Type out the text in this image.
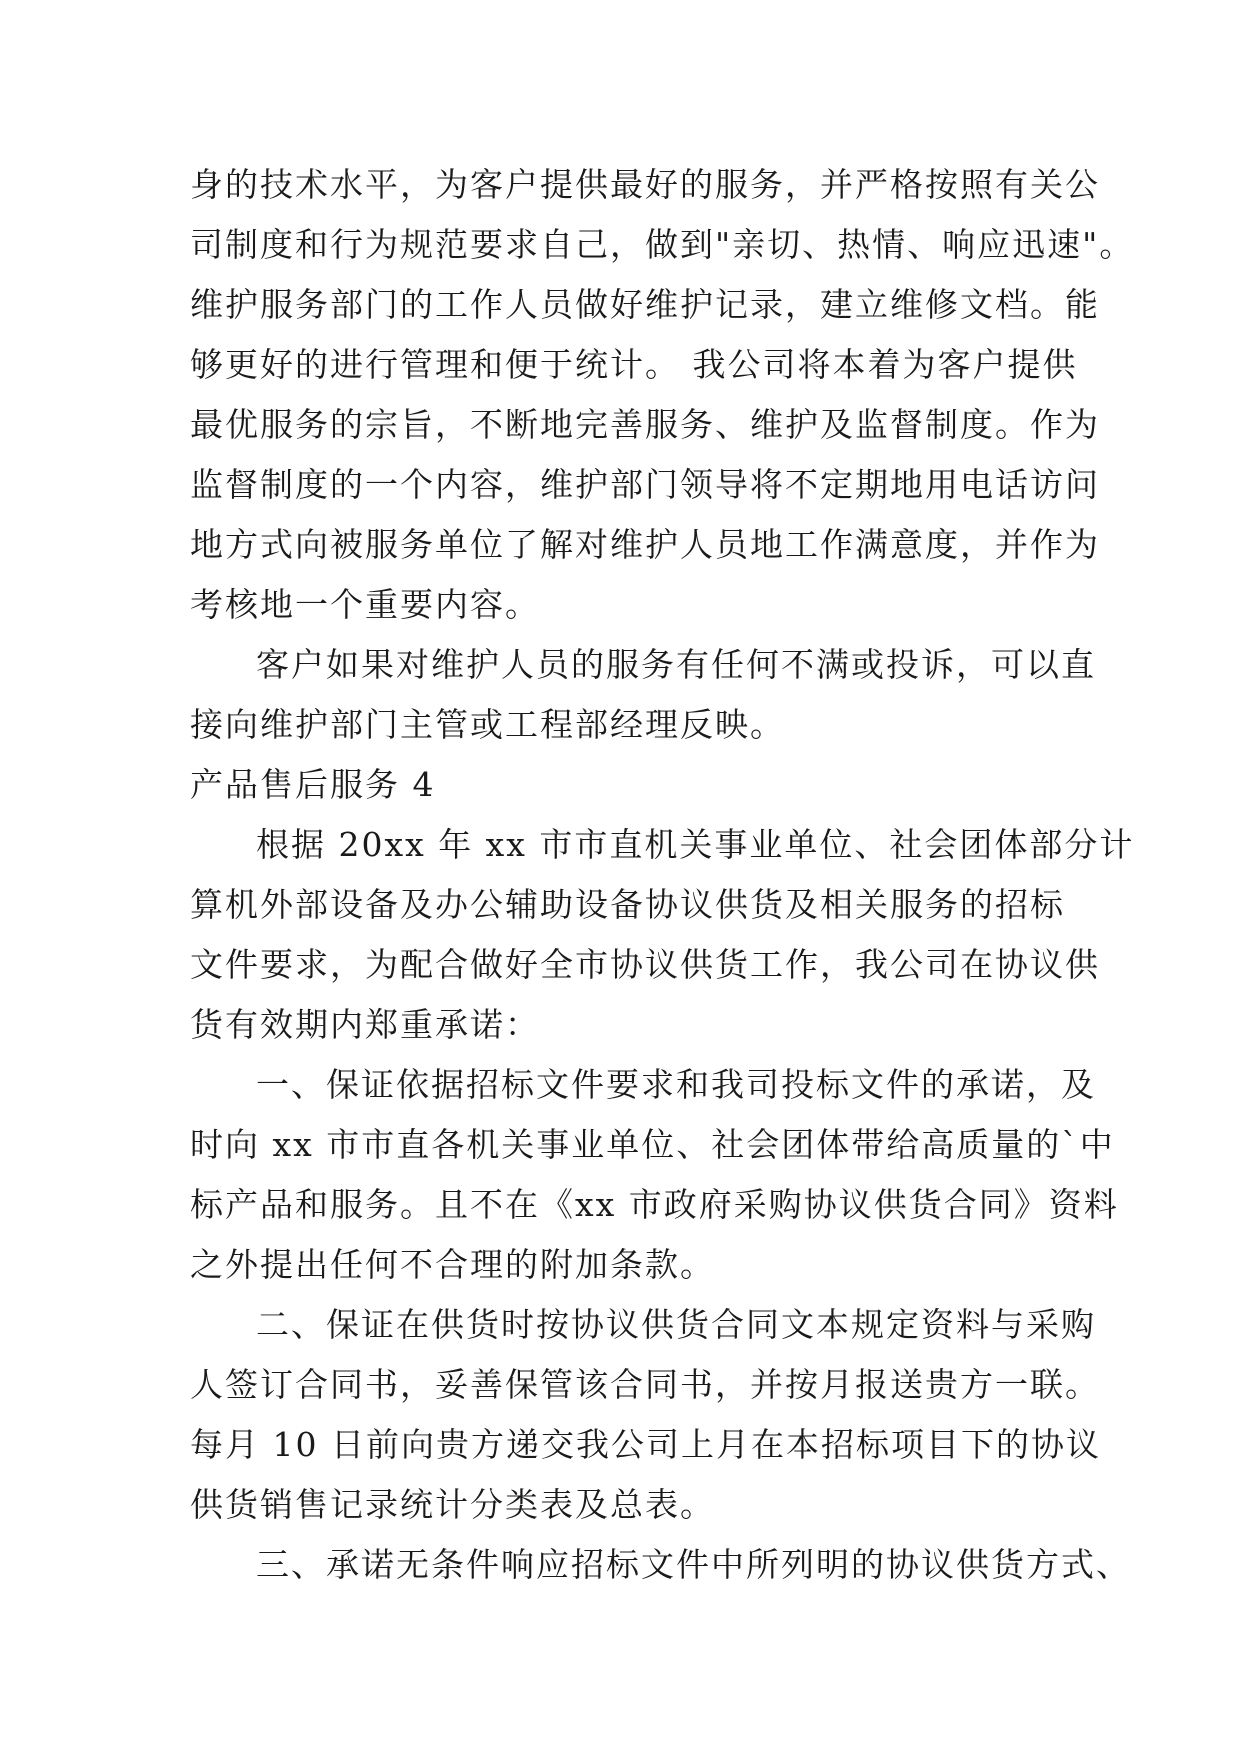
身的技术水平，为客户提供最好的服务，并严格按照有关公
司制度和行为规范要求自己，做到"亲切、热情、响应迅速"。
维护服务部门的工作人员做好维护记录，建立维修文档。能
够更好的进行管理和便于统计。 我公司将本着为客户提供
最优服务的宗旨，不断地完善服务、维护及监督制度。作为
监督制度的一个内容，维护部门领导将不定期地用电话访问
地方式向被服务单位了解对维护人员地工作满意度，并作为
考核地一个重要内容。
客户如果对维护人员的服务有任何不满或投诉，可以直
接向维护部门主管或工程部经理反映。
产品售后服务 4
根据 20xx 年 xx 市市直机关事业单位、社会团体部分计
算机外部设备及办公辅助设备协议供货及相关服务的招标
文件要求，为配合做好全市协议供货工作，我公司在协议供
货有效期内郑重承诺：
一、保证依据招标文件要求和我司投标文件的承诺，及
时向 xx 市市直各机关事业单位、社会团体带给高质量的`中
标产品和服务。且不在《xx 市政府采购协议供货合同》资料
之外提出任何不合理的附加条款。
二、保证在供货时按协议供货合同文本规定资料与采购
人签订合同书，妥善保管该合同书，并按月报送贵方一联。
每月 10 日前向贵方递交我公司上月在本招标项目下的协议
供货销售记录统计分类表及总表。
三、承诺无条件响应招标文件中所列明的协议供货方式、
